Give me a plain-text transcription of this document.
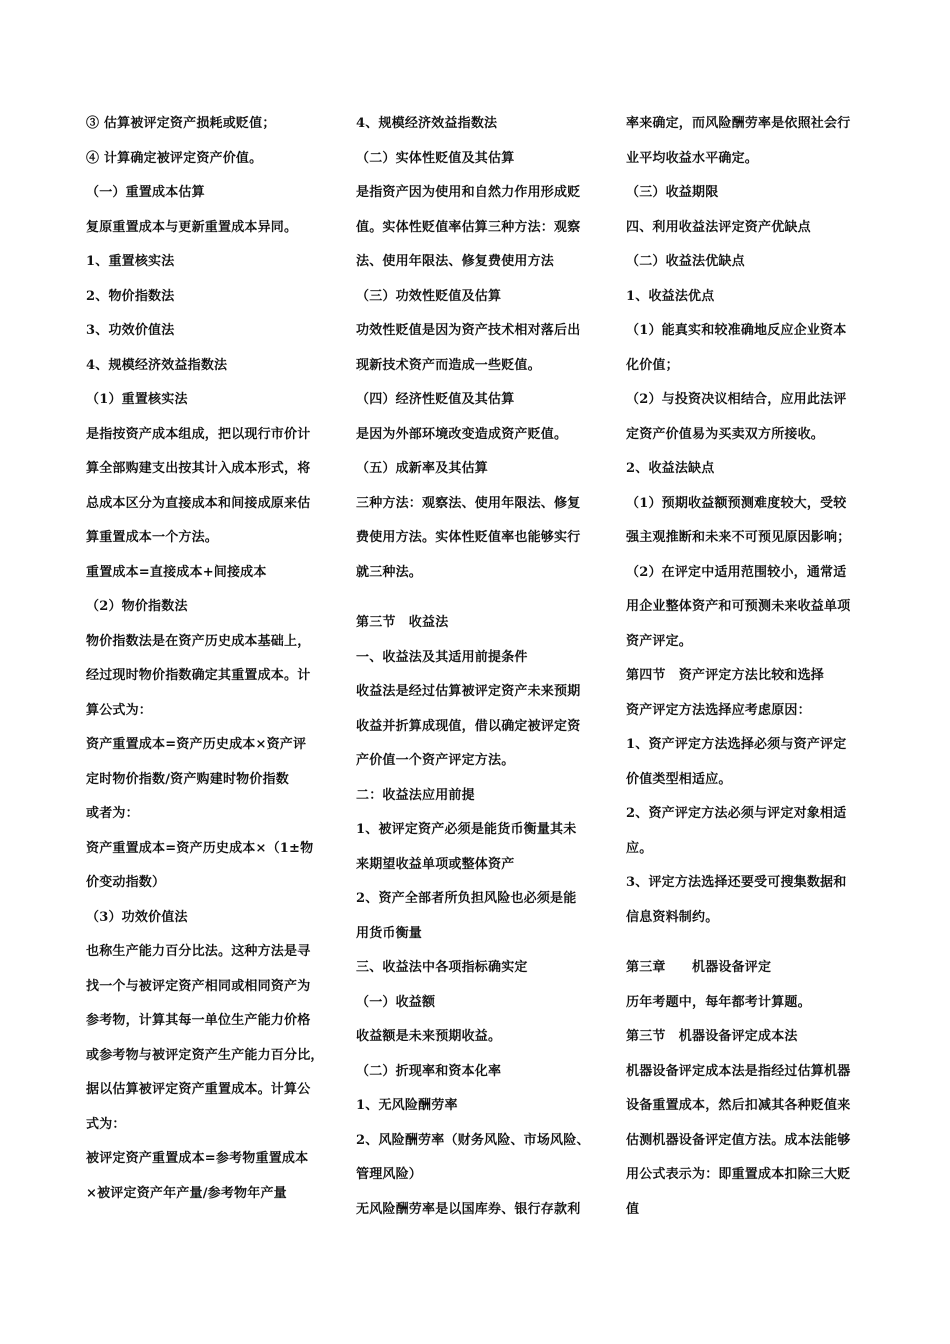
③ 估算被评定资产损耗或贬值；

④ 计算确定被评定资产价值。

（一）重置成本估算

复原重置成本与更新重置成本异同。

1、重置核实法

2、物价指数法

3、功效价值法

4、规模经济效益指数法

（1）重置核实法

是指按资产成本组成，把以现行市价计

算全部购建支出按其计入成本形式，将

总成本区分为直接成本和间接成原来估

算重置成本一个方法。

重置成本=直接成本+间接成本

（2）物价指数法

物价指数法是在资产历史成本基础上，

经过现时物价指数确定其重置成本。计

算公式为：

资产重置成本=资产历史成本×资产评

定时物价指数/资产购建时物价指数

或者为：

资产重置成本=资产历史成本×（1±物

价变动指数）

（3）功效价值法

也称生产能力百分比法。这种方法是寻

找一个与被评定资产相同或相同资产为

参考物，计算其每一单位生产能力价格

或参考物与被评定资产生产能力百分比，

据以估算被评定资产重置成本。计算公

式为：

被评定资产重置成本=参考物重置成本

×被评定资产年产量/参考物年产量

4、规模经济效益指数法

（二）实体性贬值及其估算

是指资产因为使用和自然力作用形成贬

值。实体性贬值率估算三种方法：观察

法、使用年限法、修复费使用方法

（三）功效性贬值及估算

功效性贬值是因为资产技术相对落后出

现新技术资产而造成一些贬值。

（四）经济性贬值及其估算

是因为外部环境改变造成资产贬值。

（五）成新率及其估算

三种方法：观察法、使用年限法、修复

费使用方法。实体性贬值率也能够实行

就三种法。

第三节　收益法

一、收益法及其适用前提条件

收益法是经过估算被评定资产未来预期

收益并折算成现值，借以确定被评定资

产价值一个资产评定方法。

二：收益法应用前提

1、被评定资产必须是能货币衡量其未

来期望收益单项或整体资产

2、资产全部者所负担风险也必须是能

用货币衡量

三、收益法中各项指标确实定

（一）收益额

收益额是未来预期收益。

（二）折现率和资本化率

1、无风险酬劳率

2、风险酬劳率（财务风险、市场风险、

管理风险）

无风险酬劳率是以国库券、银行存款利

率来确定，而风险酬劳率是依照社会行

业平均收益水平确定。

（三）收益期限

四、利用收益法评定资产优缺点

（二）收益法优缺点

1、收益法优点

（1）能真实和较准确地反应企业资本

化价值；

（2）与投资决议相结合，应用此法评

定资产价值易为买卖双方所接收。

2、收益法缺点

（1）预期收益额预测难度较大，受较

强主观推断和未来不可预见原因影响；

（2）在评定中适用范围较小，通常适

用企业整体资产和可预测未来收益单项

资产评定。

第四节　资产评定方法比较和选择

资产评定方法选择应考虑原因：

1、资产评定方法选择必须与资产评定

价值类型相适应。

2、资产评定方法必须与评定对象相适

应。

3、评定方法选择还要受可搜集数据和

信息资料制约。

第三章　　机器设备评定

历年考题中，每年都考计算题。

第三节　机器设备评定成本法

机器设备评定成本法是指经过估算机器

设备重置成本，然后扣减其各种贬值来

估测机器设备评定值方法。成本法能够

用公式表示为：即重置成本扣除三大贬

值
